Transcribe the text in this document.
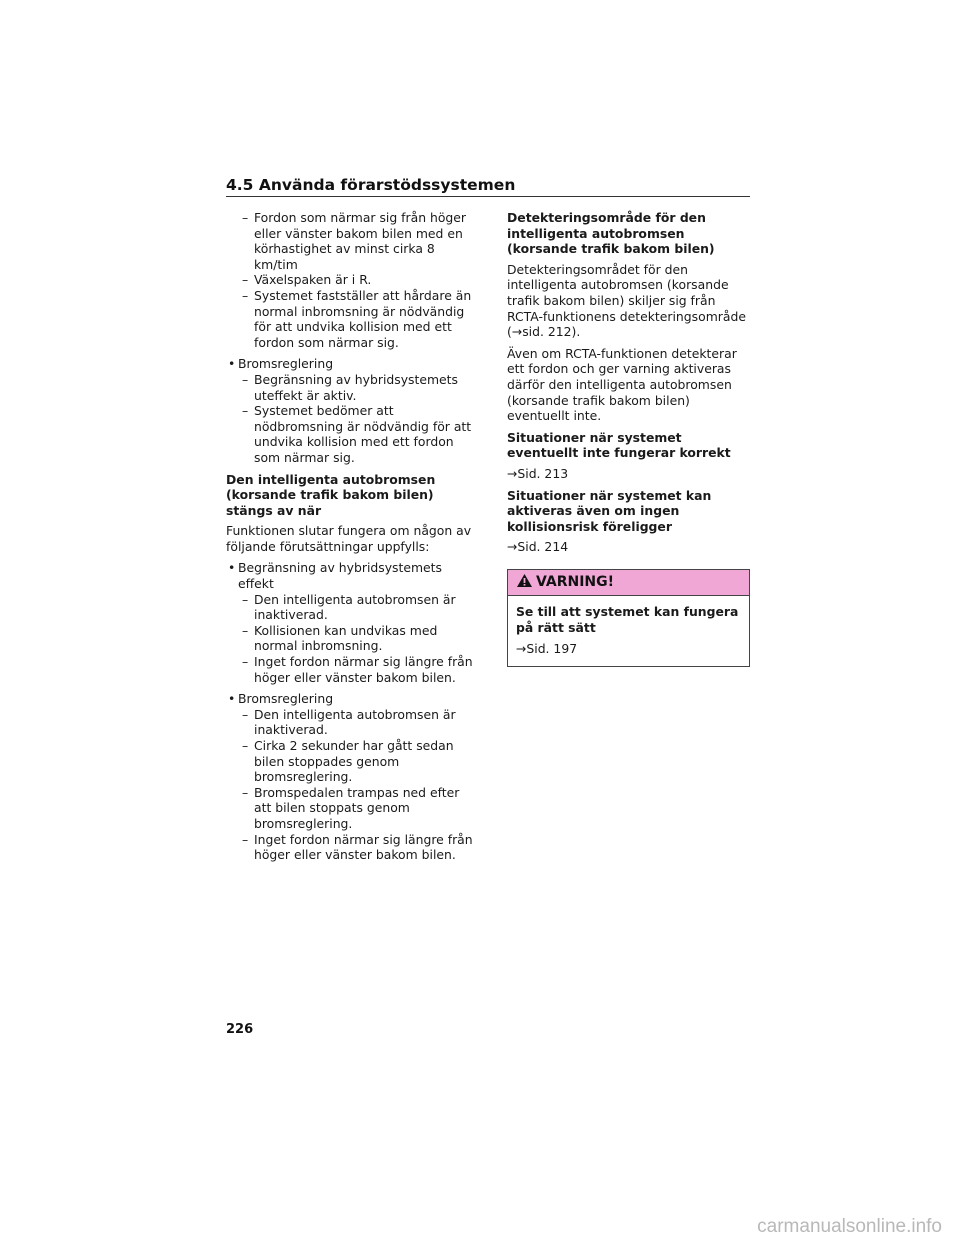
4.5 Använda förarstödssystemen

– Fordon som närmar sig från höger eller vänster bakom bilen med en körhastighet av minst cirka 8 km/tim

– Växelspaken är i R.

– Systemet fastställer att hårdare än normal inbromsning är nödvändig för att undvika kollision med ett fordon som närmar sig.

• Bromsreglering

– Begränsning av hybridsystemets uteffekt är aktiv.

– Systemet bedömer att nödbromsning är nödvändig för att undvika kollision med ett fordon som närmar sig.

Den intelligenta autobromsen (korsande trafik bakom bilen) stängs av när

Funktionen slutar fungera om någon av följande förutsättningar uppfylls:

• Begränsning av hybridsystemets effekt

– Den intelligenta autobromsen är inaktiverad.

– Kollisionen kan undvikas med normal inbromsning.

– Inget fordon närmar sig längre från höger eller vänster bakom bilen.

• Bromsreglering

– Den intelligenta autobromsen är inaktiverad.

– Cirka 2 sekunder har gått sedan bilen stoppades genom bromsreglering.

– Bromspedalen trampas ned efter att bilen stoppats genom bromsreglering.

– Inget fordon närmar sig längre från höger eller vänster bakom bilen.

Detekteringsområde för den intelligenta autobromsen (korsande trafik bakom bilen)

Detekteringsområdet för den intelligenta autobromsen (korsande trafik bakom bilen) skiljer sig från RCTA-funktionens detekteringsområde (→sid. 212).

Även om RCTA-funktionen detekterar ett fordon och ger varning aktiveras därför den intelligenta autobromsen (korsande trafik bakom bilen) eventuellt inte.

Situationer när systemet eventuellt inte fungerar korrekt

→Sid. 213

Situationer när systemet kan aktiveras även om ingen kollisionsrisk föreligger

→Sid. 214

VARNING!
Se till att systemet kan fungera på rätt sätt

→Sid. 197

226
carmanualsonline.info
